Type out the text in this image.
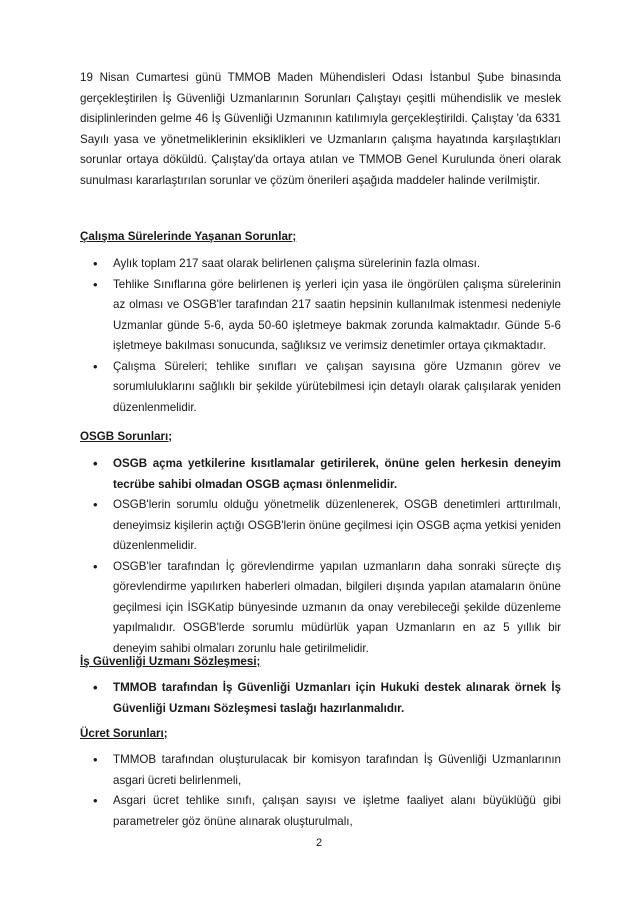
19 Nisan Cumartesi günü TMMOB Maden Mühendisleri Odası İstanbul Şube binasında gerçekleştirilen İş Güvenliği Uzmanlarının Sorunları Çalıştayı çeşitli mühendislik ve meslek disiplinlerinden gelme 46 İş Güvenliği Uzmanının katılımıyla gerçekleştirildi. Çalıştay 'da 6331 Sayılı yasa ve yönetmeliklerinin eksiklikleri ve Uzmanların çalışma hayatında karşılaştıkları sorunlar ortaya döküldü. Çalıştay'da ortaya atılan ve TMMOB Genel Kurulunda öneri olarak sunulması kararlaştırılan sorunlar ve çözüm önerileri aşağıda maddeler halinde verilmiştir.

Çalışma Sürelerinde Yaşanan Sorunlar;
• Aylık toplam 217 saat olarak belirlenen çalışma sürelerinin fazla olması.
• Tehlike Sınıflarına göre belirlenen iş yerleri için yasa ile öngörülen çalışma sürelerinin az olması ve OSGB'ler tarafından 217 saatin hepsinin kullanılmak istenmesi nedeniyle Uzmanlar günde 5-6, ayda 50-60 işletmeye bakmak zorunda kalmaktadır. Günde 5-6 işletmeye bakılması sonucunda, sağlıksız ve verimsiz denetimler ortaya çıkmaktadır.
• Çalışma Süreleri; tehlike sınıfları ve çalışan sayısına göre Uzmanın görev ve sorumluluklarını sağlıklı bir şekilde yürütebilmesi için detaylı olarak çalışılarak yeniden düzenlenmelidir.
OSGB Sorunları;
• OSGB açma yetkilerine kısıtlamalar getirilerek, önüne gelen herkesin deneyim tecrübe sahibi olmadan OSGB açması önlenmelidir.
• OSGB'lerin sorumlu olduğu yönetmelik düzenlenerek, OSGB denetimleri arttırılmalı, deneyimsiz kişilerin açtığı OSGB'lerin önüne geçilmesi için OSGB açma yetkisi yeniden düzenlenmelidir.
• OSGB'ler tarafından İç görevlendirme yapılan uzmanların daha sonraki süreçte dış görevlendirme yapılırken haberleri olmadan, bilgileri dışında yapılan atamaların önüne geçilmesi için İSGKatip bünyesinde uzmanın da onay verebileceği şekilde düzenleme yapılmalıdır. OSGB'lerde sorumlu müdürlük yapan Uzmanların en az 5 yıllık bir deneyim sahibi olmaları zorunlu hale getirilmelidir.
İş Güvenliği Uzmanı Sözleşmesi;
• TMMOB tarafından İş Güvenliği Uzmanları için Hukuki destek alınarak örnek İş Güvenliği Uzmanı Sözleşmesi taslağı hazırlanmalıdır.
Ücret Sorunları;
• TMMOB tarafından oluşturulacak bir komisyon tarafından İş Güvenliği Uzmanlarının asgari ücreti belirlenmeli,
• Asgari ücret tehlike sınıfı, çalışan sayısı ve işletme faaliyet alanı büyüklüğü gibi parametreler göz önüne alınarak oluşturulmalı,
2
